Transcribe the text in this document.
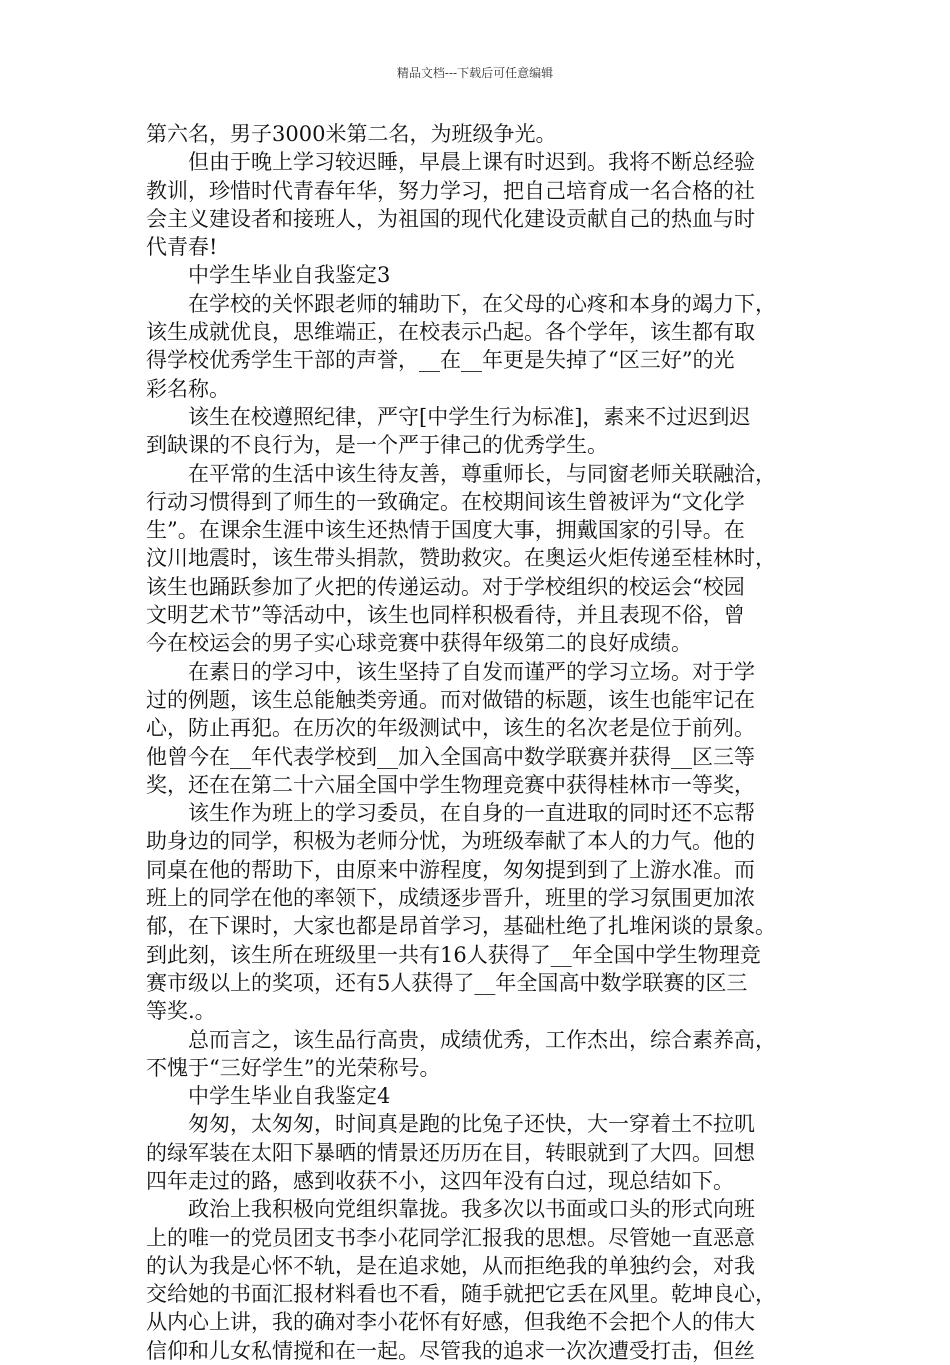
精品文档---下载后可任意编辑
第六名，男子3000米第二名，为班级争光。
但由于晚上学习较迟睡，早晨上课有时迟到。我将不断总经验
教训，珍惜时代青春年华，努力学习，把自己培育成一名合格的社
会主义建设者和接班人，为祖国的现代化建设贡献自己的热血与时
代青春!
中学生毕业自我鉴定3
在学校的关怀跟老师的辅助下，在父母的心疼和本身的竭力下，
该生成就优良，思维端正，在校表示凸起。各个学年，该生都有取
得学校优秀学生干部的声誉，__在__年更是失掉了“区三好”的光
彩名称。
该生在校遵照纪律，严守[中学生行为标准]，素来不过迟到迟
到缺课的不良行为，是一个严于律己的优秀学生。
在平常的生活中该生待友善，尊重师长，与同窗老师关联融洽，
行动习惯得到了师生的一致确定。在校期间该生曾被评为“文化学
生”。在课余生涯中该生还热情于国度大事，拥戴国家的引导。在
汶川地震时，该生带头捐款，赞助救灾。在奥运火炬传递至桂林时，
该生也踊跃参加了火把的传递运动。对于学校组织的校运会“校园
文明艺术节”等活动中，该生也同样积极看待，并且表现不俗，曾
今在校运会的男子实心球竞赛中获得年级第二的良好成绩。
在素日的学习中，该生坚持了自发而谨严的学习立场。对于学
过的例题，该生总能触类旁通。而对做错的标题，该生也能牢记在
心，防止再犯。在历次的年级测试中，该生的名次老是位于前列。
他曾今在__年代表学校到__加入全国高中数学联赛并获得__区三等
奖，还在在第二十六届全国中学生物理竞赛中获得桂林市一等奖，
该生作为班上的学习委员，在自身的一直进取的同时还不忘帮
助身边的同学，积极为老师分忧，为班级奉献了本人的力气。他的
同桌在他的帮助下，由原来中游程度，匆匆提到到了上游水准。而
班上的同学在他的率领下，成绩逐步晋升，班里的学习氛围更加浓
郁，在下课时，大家也都是昂首学习，基础杜绝了扎堆闲谈的景象。
到此刻，该生所在班级里一共有16人获得了__年全国中学生物理竞
赛市级以上的奖项，还有5人获得了__年全国高中数学联赛的区三
等奖.。
总而言之，该生品行高贵，成绩优秀，工作杰出，综合素养高，
不愧于“三好学生”的光荣称号。
中学生毕业自我鉴定4
匆匆，太匆匆，时间真是跑的比兔子还快，大一穿着土不拉叽
的绿军装在太阳下暴晒的情景还历历在目，转眼就到了大四。回想
四年走过的路，感到收获不小，这四年没有白过，现总结如下。
政治上我积极向党组织靠拢。我多次以书面或口头的形式向班
上的唯一的党员团支书李小花同学汇报我的思想。尽管她一直恶意
的认为我是心怀不轨，是在追求她，从而拒绝我的单独约会，对我
交给她的书面汇报材料看也不看，随手就把它丢在风里。乾坤良心，
从内心上讲，我的确对李小花怀有好感，但我绝不会把个人的伟大
信仰和儿女私情搅和在一起。尽管我的追求一次次遭受打击，但丝
